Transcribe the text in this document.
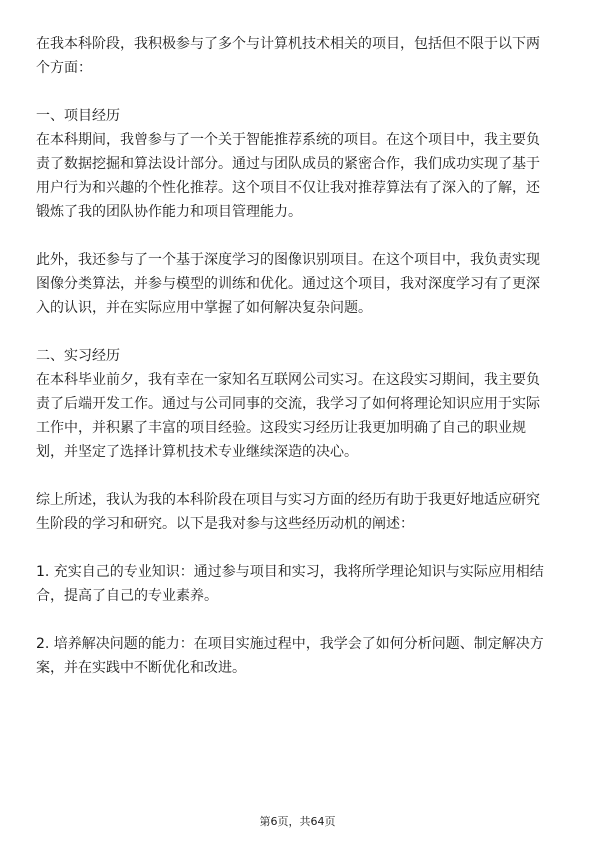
在我本科阶段，我积极参与了多个与计算机技术相关的项目，包括但不限于以下两
个方面：
一、项目经历
在本科期间，我曾参与了一个关于智能推荐系统的项目。在这个项目中，我主要负
责了数据挖掘和算法设计部分。通过与团队成员的紧密合作，我们成功实现了基于
用户行为和兴趣的个性化推荐。这个项目不仅让我对推荐算法有了深入的了解，还
锻炼了我的团队协作能力和项目管理能力。
此外，我还参与了一个基于深度学习的图像识别项目。在这个项目中，我负责实现
图像分类算法，并参与模型的训练和优化。通过这个项目，我对深度学习有了更深
入的认识，并在实际应用中掌握了如何解决复杂问题。
二、实习经历
在本科毕业前夕，我有幸在一家知名互联网公司实习。在这段实习期间，我主要负
责了后端开发工作。通过与公司同事的交流，我学习了如何将理论知识应用于实际
工作中，并积累了丰富的项目经验。这段实习经历让我更加明确了自己的职业规
划，并坚定了选择计算机技术专业继续深造的决心。
综上所述，我认为我的本科阶段在项目与实习方面的经历有助于我更好地适应研究
生阶段的学习和研究。以下是我对参与这些经历动机的阐述：
1. 充实自己的专业知识：通过参与项目和实习，我将所学理论知识与实际应用相结
合，提高了自己的专业素养。
2. 培养解决问题的能力：在项目实施过程中，我学会了如何分析问题、制定解决方
案，并在实践中不断优化和改进。
第6页，共64页
